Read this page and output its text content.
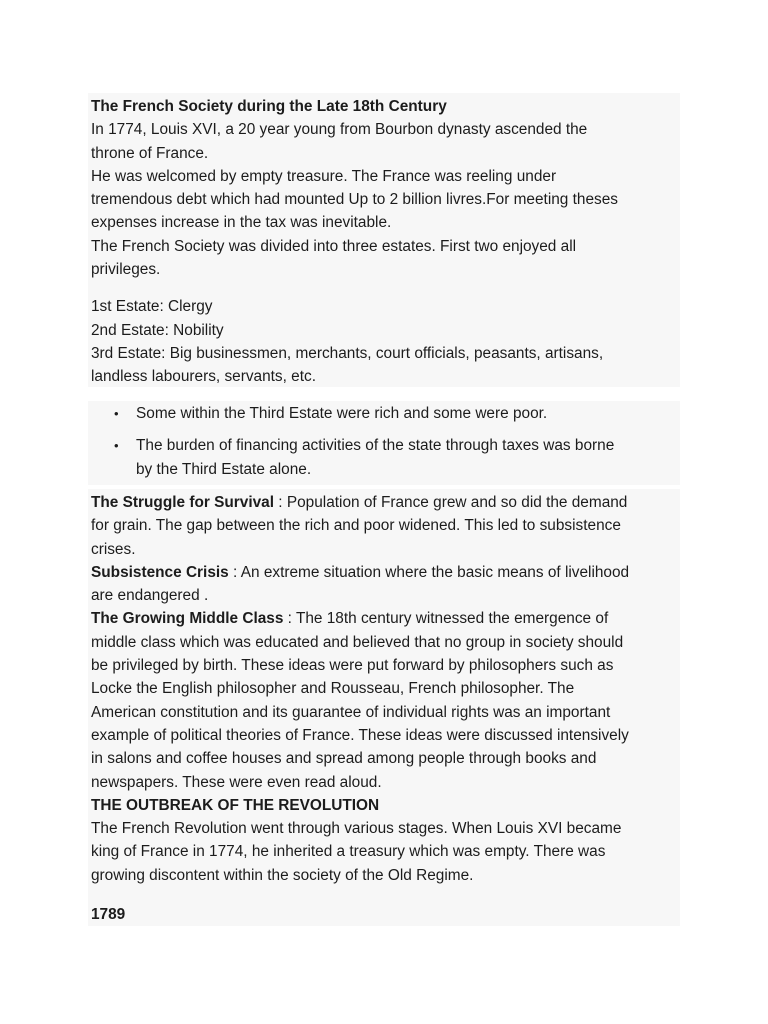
The French Society during the Late 18th Century

In 1774, Louis XVI, a 20 year young from Bourbon dynasty ascended the

throne of France.

He was welcomed by empty treasure. The France was reeling under

tremendous debt which had mounted Up to 2 billion livres.For meeting theses

expenses increase in the tax was inevitable.

The French Society was divided into three estates. First two enjoyed all

privileges.

1st Estate: Clergy

2nd Estate: Nobility

3rd Estate: Big businessmen, merchants, court officials, peasants, artisans,

landless labourers, servants, etc.

• Some within the Third Estate were rich and some were poor.
• The burden of financing activities of the state through taxes was borne
by the Third Estate alone.

The Struggle for Survival : Population of France grew and so did the demand

for grain. The gap between the rich and poor widened. This led to subsistence

crises.

Subsistence Crisis : An extreme situation where the basic means of livelihood

are endangered .

The Growing Middle Class : The 18th century witnessed the emergence of

middle class which was educated and believed that no group in society should

be privileged by birth. These ideas were put forward by philosophers such as

Locke the English philosopher and Rousseau, French philosopher. The

American constitution and its guarantee of individual rights was an important

example of political theories of France. These ideas were discussed intensively

in salons and coffee houses and spread among people through books and

newspapers. These were even read aloud.

THE OUTBREAK OF THE REVOLUTION

The French Revolution went through various stages. When Louis XVI became

king of France in 1774, he inherited a treasury which was empty. There was

growing discontent within the society of the Old Regime.

1789
